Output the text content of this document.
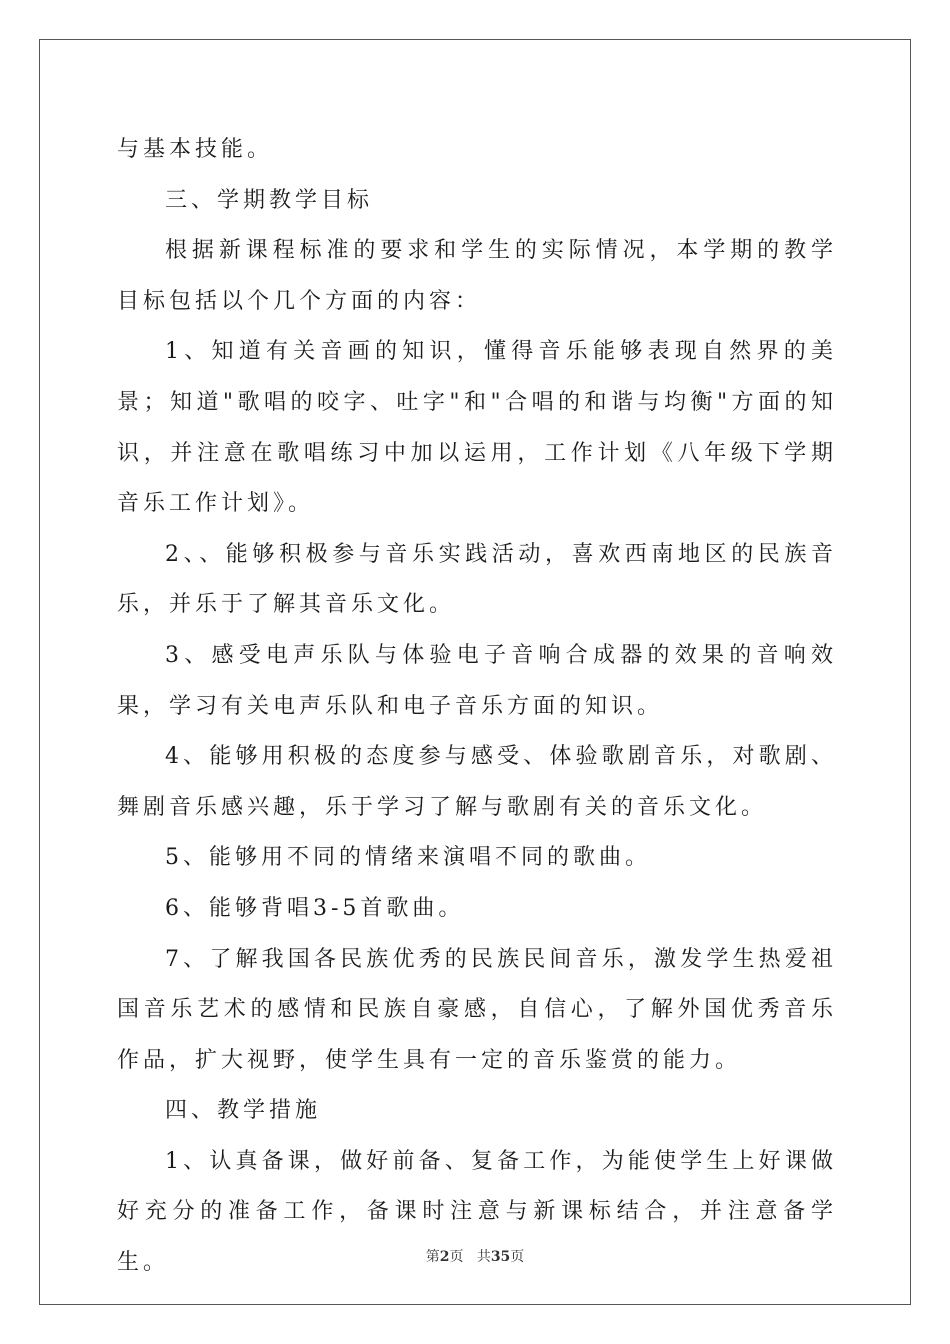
与基本技能。

三、学期教学目标

根据新课程标准的要求和学生的实际情况，本学期的教学目标包括以个几个方面的内容：

1、知道有关音画的知识，懂得音乐能够表现自然界的美景；知道"歌唱的咬字、吐字"和"合唱的和谐与均衡"方面的知识，并注意在歌唱练习中加以运用，工作计划《八年级下学期音乐工作计划》。

2、、能够积极参与音乐实践活动，喜欢西南地区的民族音乐，并乐于了解其音乐文化。

3、感受电声乐队与体验电子音响合成器的效果的音响效果，学习有关电声乐队和电子音乐方面的知识。

4、能够用积极的态度参与感受、体验歌剧音乐，对歌剧、舞剧音乐感兴趣，乐于学习了解与歌剧有关的音乐文化。

5、能够用不同的情绪来演唱不同的歌曲。

6、能够背唱3-5首歌曲。

7、了解我国各民族优秀的民族民间音乐，激发学生热爱祖国音乐艺术的感情和民族自豪感，自信心，了解外国优秀音乐作品，扩大视野，使学生具有一定的音乐鉴赏的能力。

四、教学措施

1、认真备课，做好前备、复备工作，为能使学生上好课做好充分的准备工作，备课时注意与新课标结合，并注意备学生。	第2页 共35页
